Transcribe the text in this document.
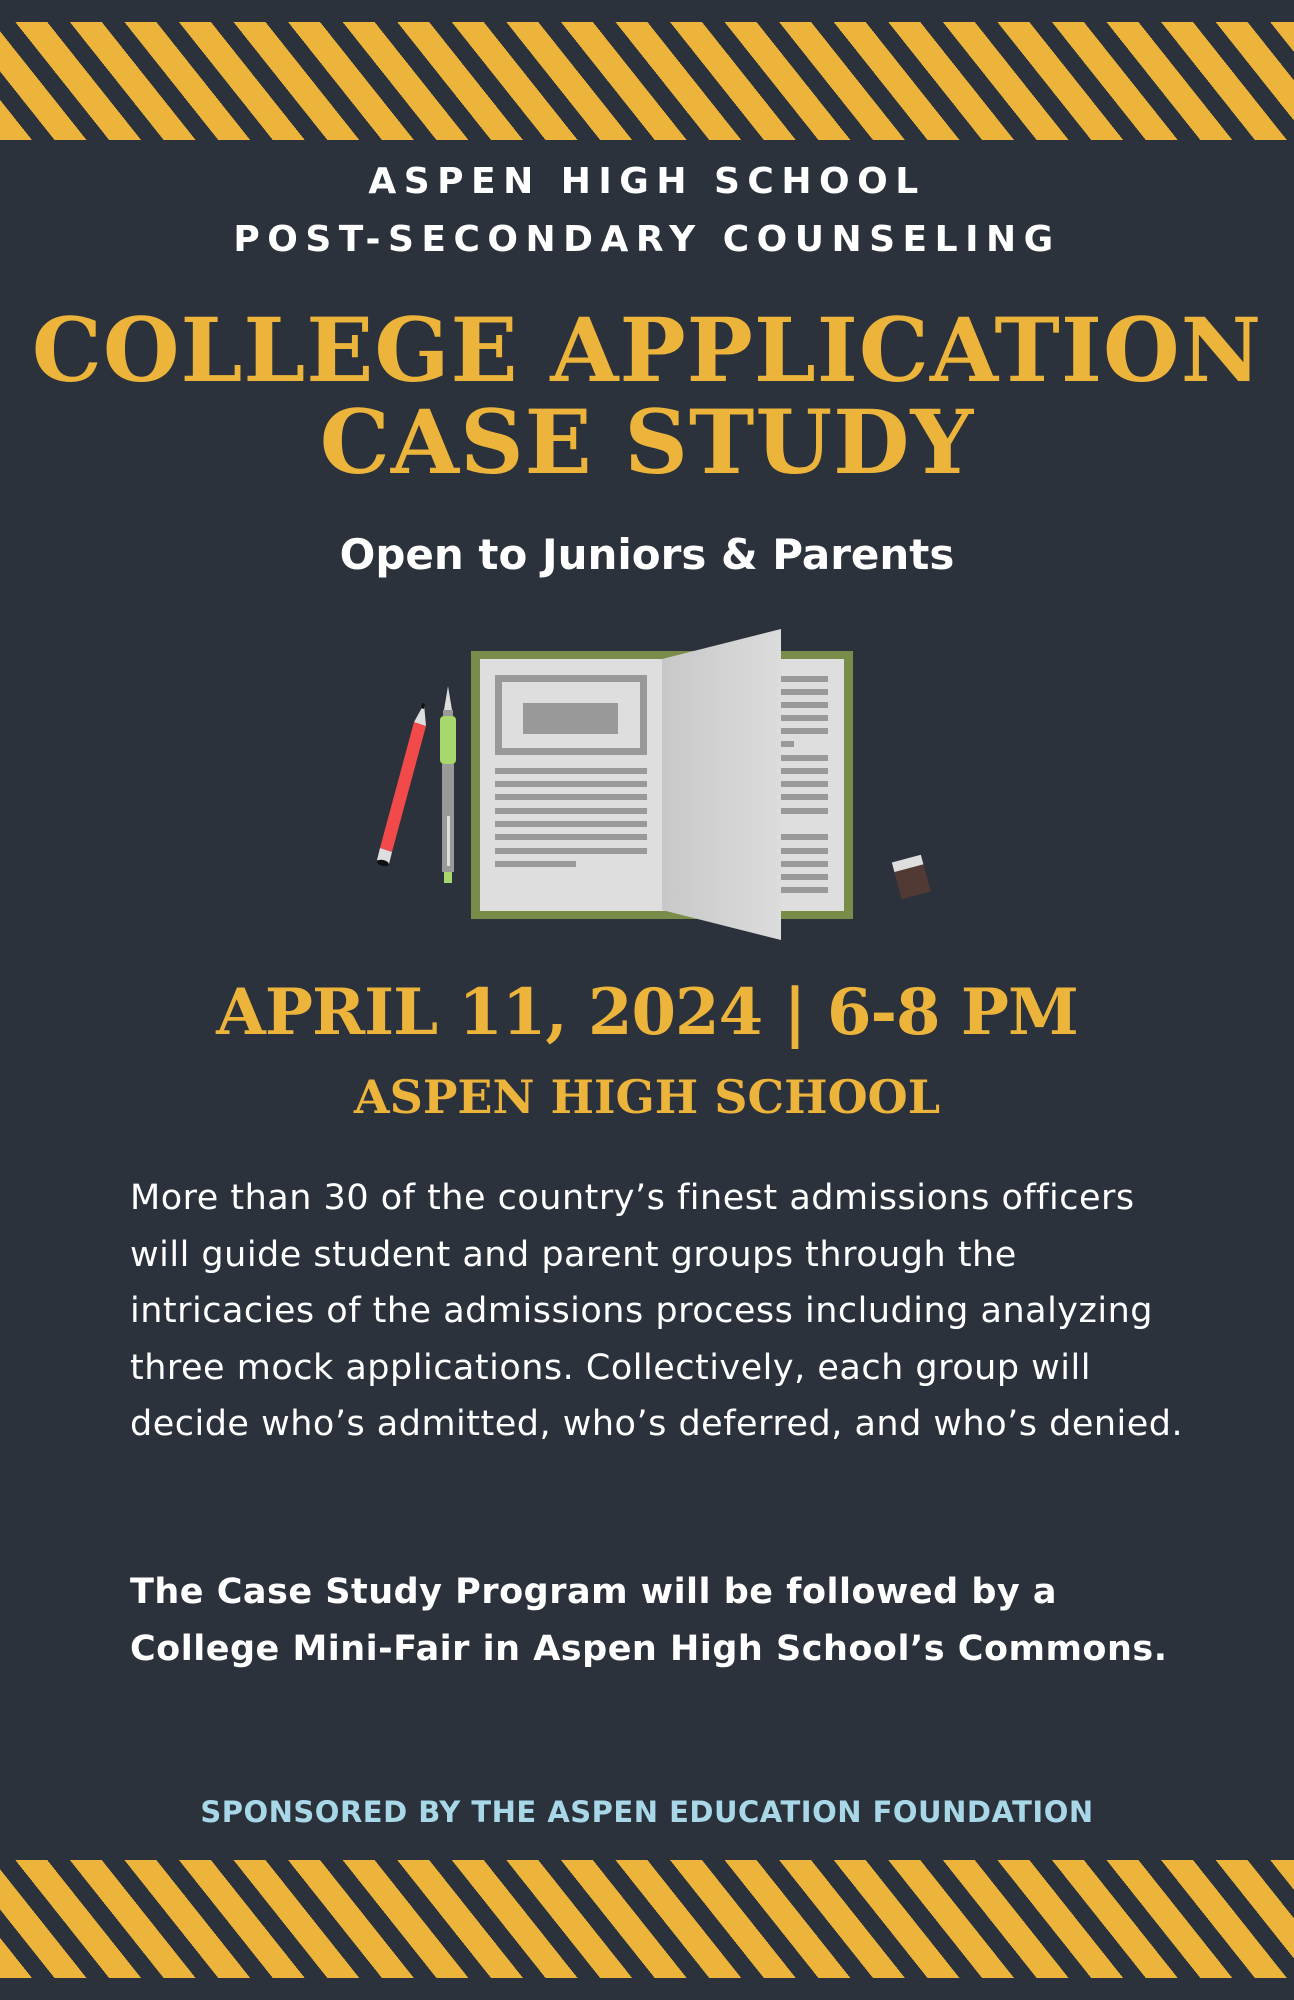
ASPEN HIGH SCHOOL
POST-SECONDARY COUNSELING
COLLEGE APPLICATION
CASE STUDY
Open to Juniors & Parents
APRIL 11, 2024 | 6-8 PM
ASPEN HIGH SCHOOL

More than 30 of the country’s finest admissions officers will guide student and parent groups through the intricacies of the admissions process including analyzing three mock applications. Collectively, each group will decide who’s admitted, who’s deferred, and who’s denied.

The Case Study Program will be followed by a College Mini-Fair in Aspen High School’s Commons.

SPONSORED BY THE ASPEN EDUCATION FOUNDATION
